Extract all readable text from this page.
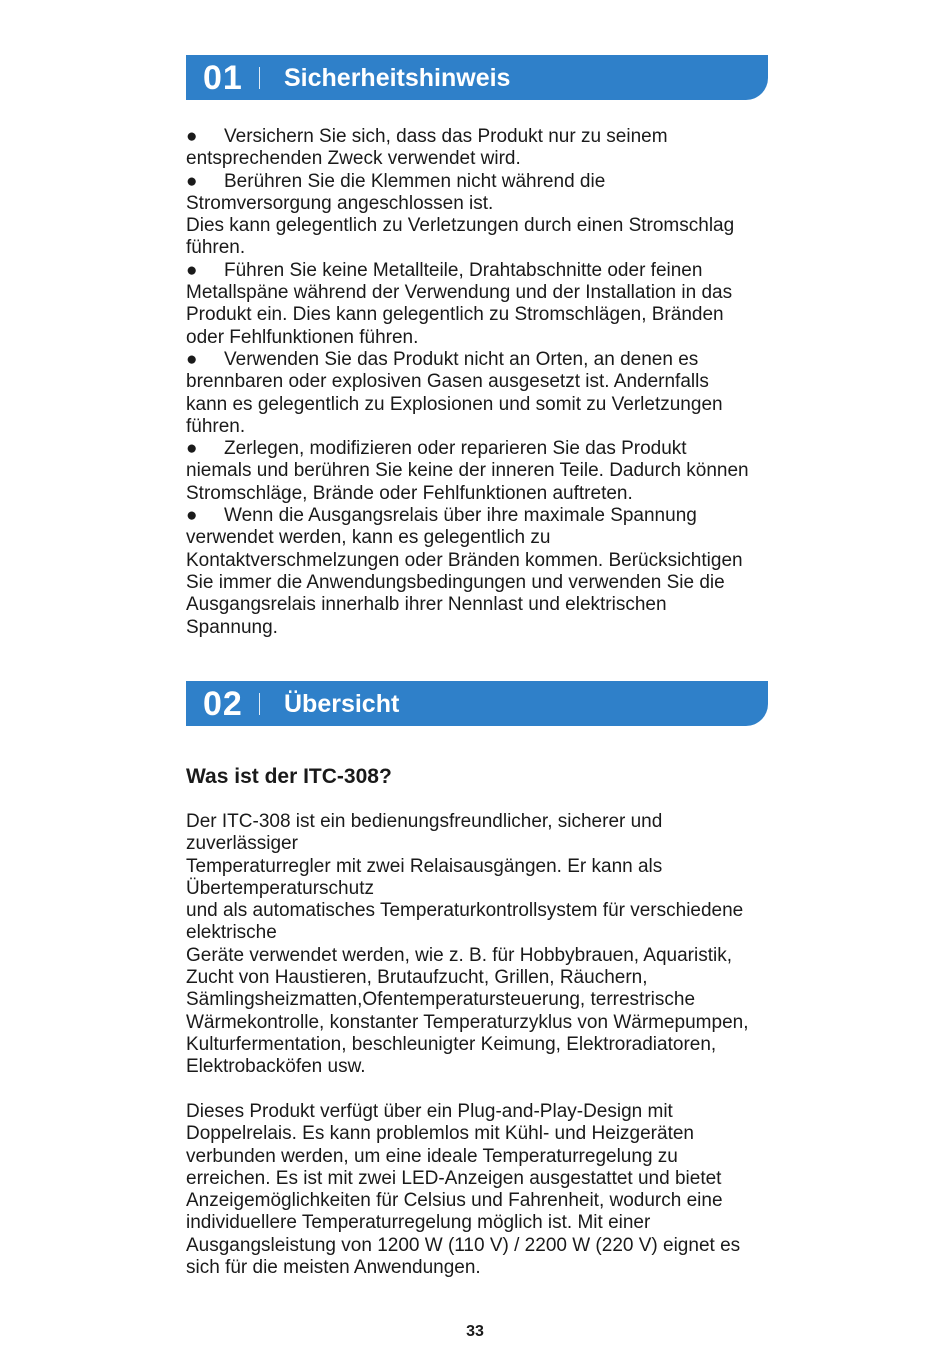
01 Sicherheitshinweis
● Versichern Sie sich, dass das Produkt nur zu seinem
entsprechenden Zweck verwendet wird.
● Berühren Sie die Klemmen nicht während die
Stromversorgung angeschlossen ist.
Dies kann gelegentlich zu Verletzungen durch einen Stromschlag
führen.
● Führen Sie keine Metallteile, Drahtabschnitte oder feinen
Metallspäne während der Verwendung und der Installation in das
Produkt ein. Dies kann gelegentlich zu Stromschlägen, Bränden
oder Fehlfunktionen führen.
● Verwenden Sie das Produkt nicht an Orten, an denen es
brennbaren oder explosiven Gasen ausgesetzt ist. Andernfalls
kann es gelegentlich zu Explosionen und somit zu Verletzungen
führen.
● Zerlegen, modifizieren oder reparieren Sie das Produkt
niemals und berühren Sie keine der inneren Teile. Dadurch können
Stromschläge, Brände oder Fehlfunktionen auftreten.
● Wenn die Ausgangsrelais über ihre maximale Spannung
verwendet werden, kann es gelegentlich zu
Kontaktverschmelzungen oder Bränden kommen. Berücksichtigen
Sie immer die Anwendungsbedingungen und verwenden Sie die
Ausgangsrelais innerhalb ihrer Nennlast und elektrischen
Spannung.
02 Übersicht
Was ist der ITC-308?
Der ITC-308 ist ein bedienungsfreundlicher, sicherer und
zuverlässiger
Temperaturregler mit zwei Relaisausgängen. Er kann als
Übertemperaturschutz
und als automatisches Temperaturkontrollsystem für verschiedene
elektrische
Geräte verwendet werden, wie z. B. für Hobbybrauen, Aquaristik,
Zucht von Haustieren, Brutaufzucht, Grillen, Räuchern,
Sämlingsheizmatten,Ofentemperatursteuerung, terrestrische
Wärmekontrolle, konstanter Temperaturzyklus von Wärmepumpen,
Kulturfermentation, beschleunigter Keimung, Elektroradiatoren,
Elektrobacköfen usw.
Dieses Produkt verfügt über ein Plug-and-Play-Design mit
Doppelrelais. Es kann problemlos mit Kühl- und Heizgeräten
verbunden werden, um eine ideale Temperaturregelung zu
erreichen. Es ist mit zwei LED-Anzeigen ausgestattet und bietet
Anzeigemöglichkeiten für Celsius und Fahrenheit, wodurch eine
individuellere Temperaturregelung möglich ist. Mit einer
Ausgangsleistung von 1200 W (110 V) / 2200 W (220 V) eignet es
sich für die meisten Anwendungen.
33
